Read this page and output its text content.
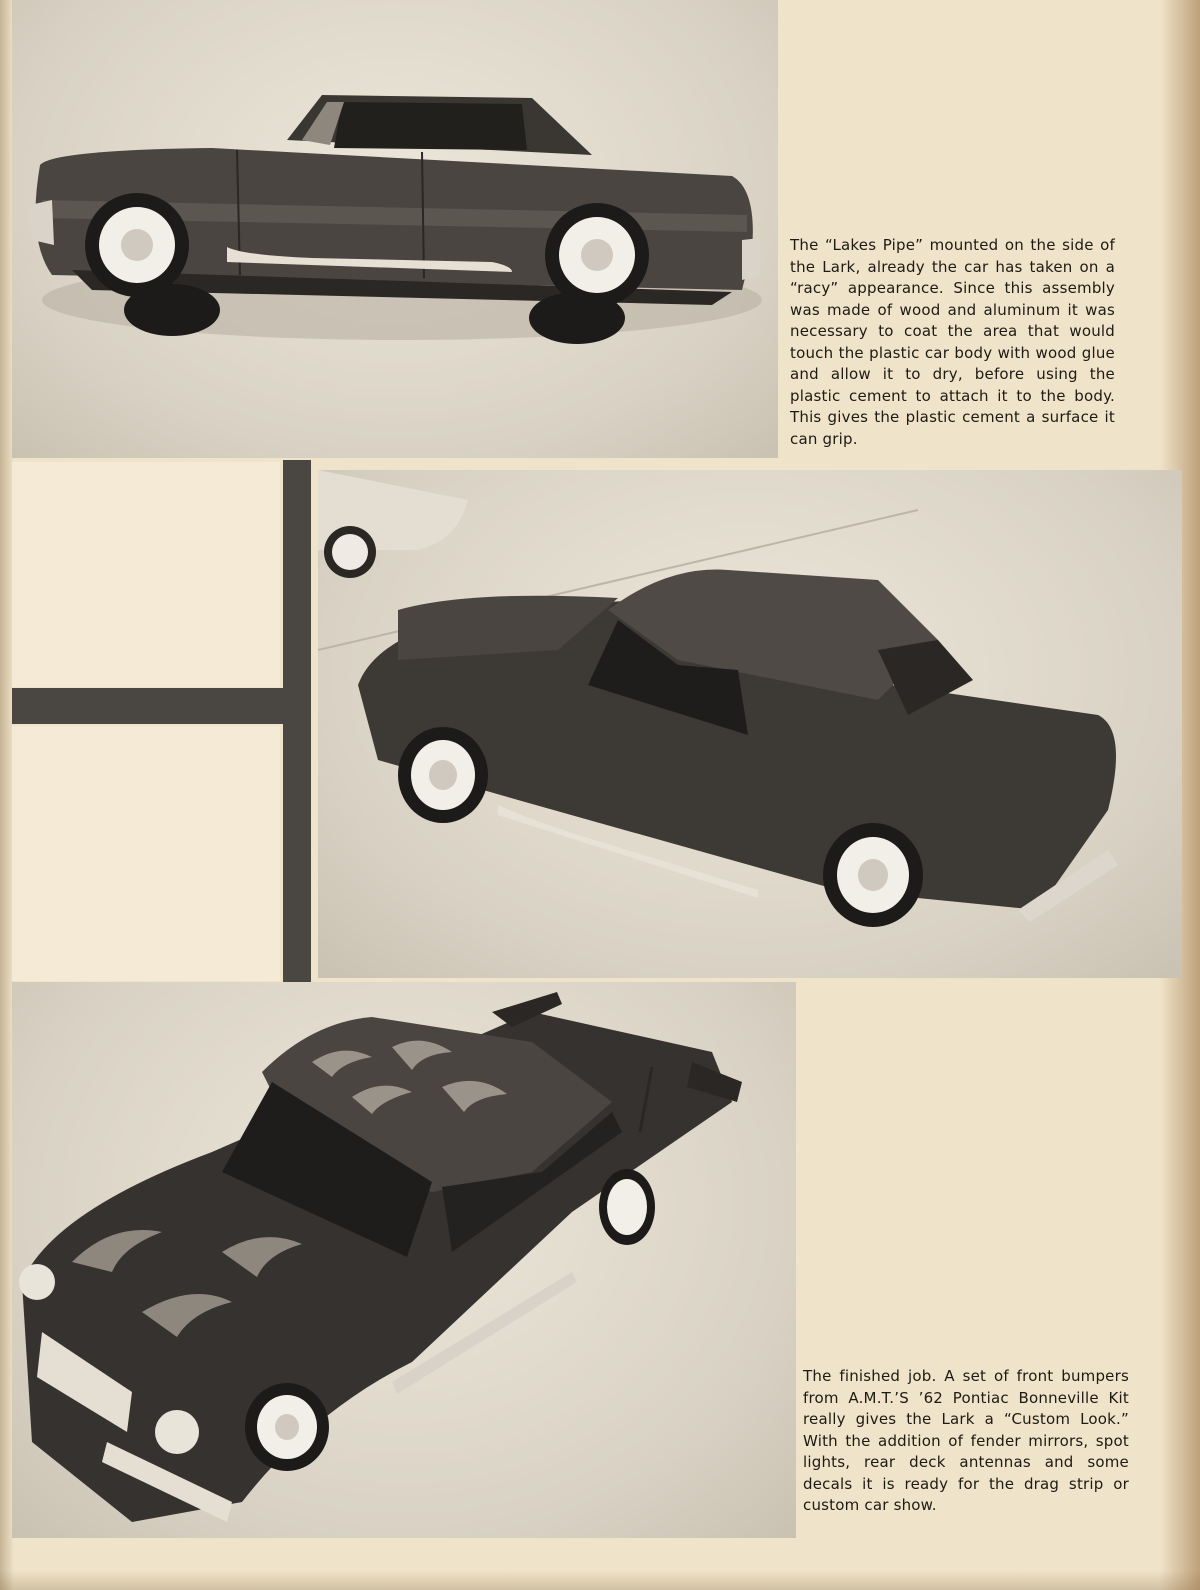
The “Lakes Pipe” mounted on the side of the Lark, already the car has taken on a “racy” appearance. Since this assembly was made of wood and aluminum it was necessary to coat the area that would touch the plastic car body with wood glue and allow it to dry, before using the plastic cement to attach it to the body. This gives the plastic cement a surface it can grip.

The finished job. A set of front bumpers from A.M.T.’S ’62 Pontiac Bonneville Kit really gives the Lark a “Custom Look.” With the addition of fender mirrors, spot lights, rear deck antennas and some decals it is ready for the drag strip or custom car show.
